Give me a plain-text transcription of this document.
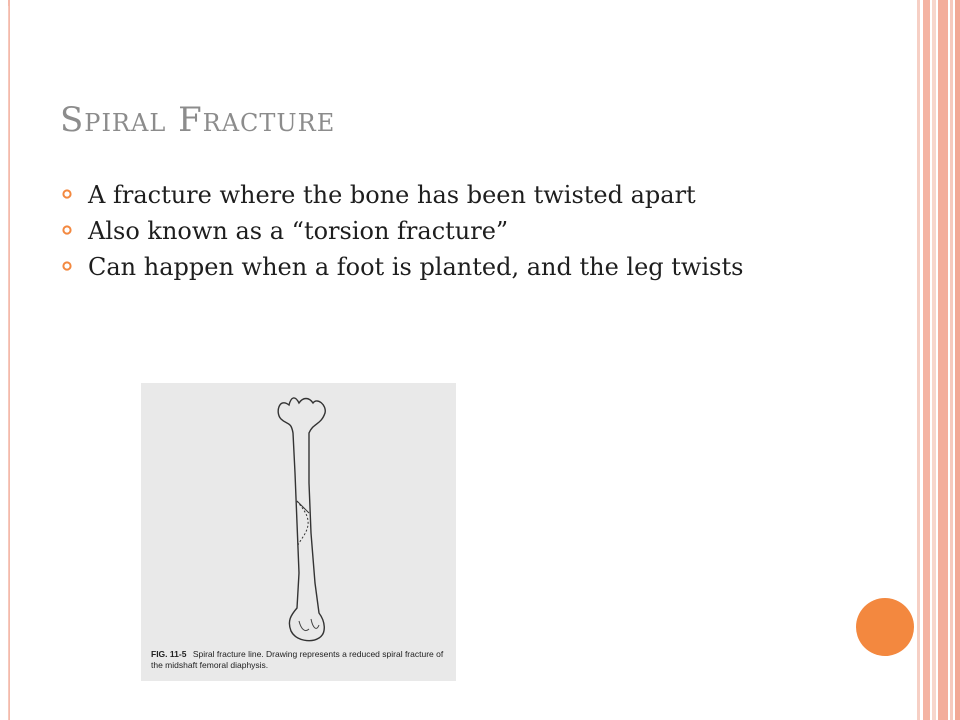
Spiral Fracture
A fracture where the bone has been twisted apart
Also known as a “torsion fracture”
Can happen when a foot is planted, and the leg twists
FIG. 11-5 Spiral fracture line. Drawing represents a reduced spiral fracture of the midshaft femoral diaphysis.
